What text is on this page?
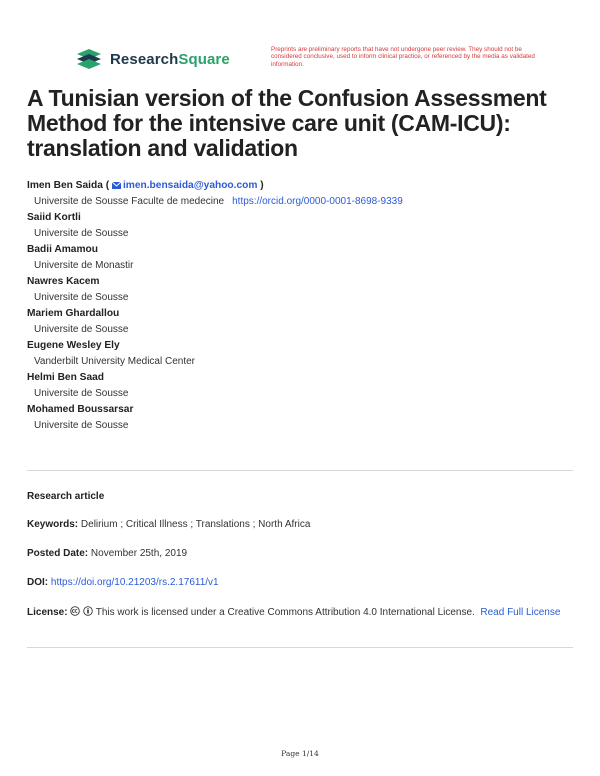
ResearchSquare
Preprints are preliminary reports that have not undergone peer review. They should not be considered conclusive, used to inform clinical practice, or referenced by the media as validated information.
A Tunisian version of the Confusion Assessment Method for the intensive care unit (CAM-ICU): translation and validation
Imen Ben Saida ( imen.bensaida@yahoo.com )
Universite de Sousse Faculte de medecine https://orcid.org/0000-0001-8698-9339
Saiid Kortli
Universite de Sousse
Badii Amamou
Universite de Monastir
Nawres Kacem
Universite de Sousse
Mariem Ghardallou
Universite de Sousse
Eugene Wesley Ely
Vanderbilt University Medical Center
Helmi Ben Saad
Universite de Sousse
Mohamed Boussarsar
Universite de Sousse
Research article
Keywords: Delirium ; Critical Illness ; Translations ; North Africa
Posted Date: November 25th, 2019
DOI: https://doi.org/10.21203/rs.2.17611/v1
License:	This work is licensed under a Creative Commons Attribution 4.0 International License. Read Full License
Page 1/14
